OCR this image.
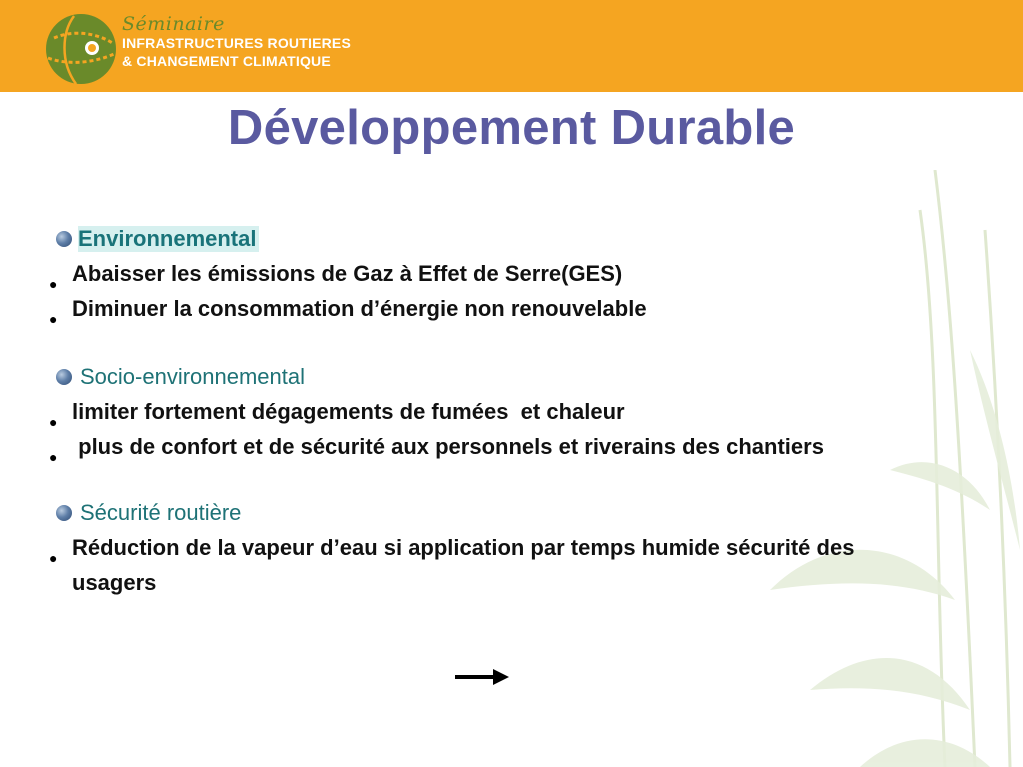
Séminaire
INFRASTRUCTURES ROUTIERES
& CHANGEMENT CLIMATIQUE
Développement Durable
Environnemental
● Abaisser les émissions de Gaz à Effet de Serre(GES)
● Diminuer la consommation d’énergie non renouvelable
Socio-environnemental
● limiter fortement dégagements de fumées  et chaleur
● plus de confort et de sécurité aux personnels et riverains des chantiers
Sécurité routière
● Réduction de la vapeur d’eau si application par temps humide sécurité des usagers
